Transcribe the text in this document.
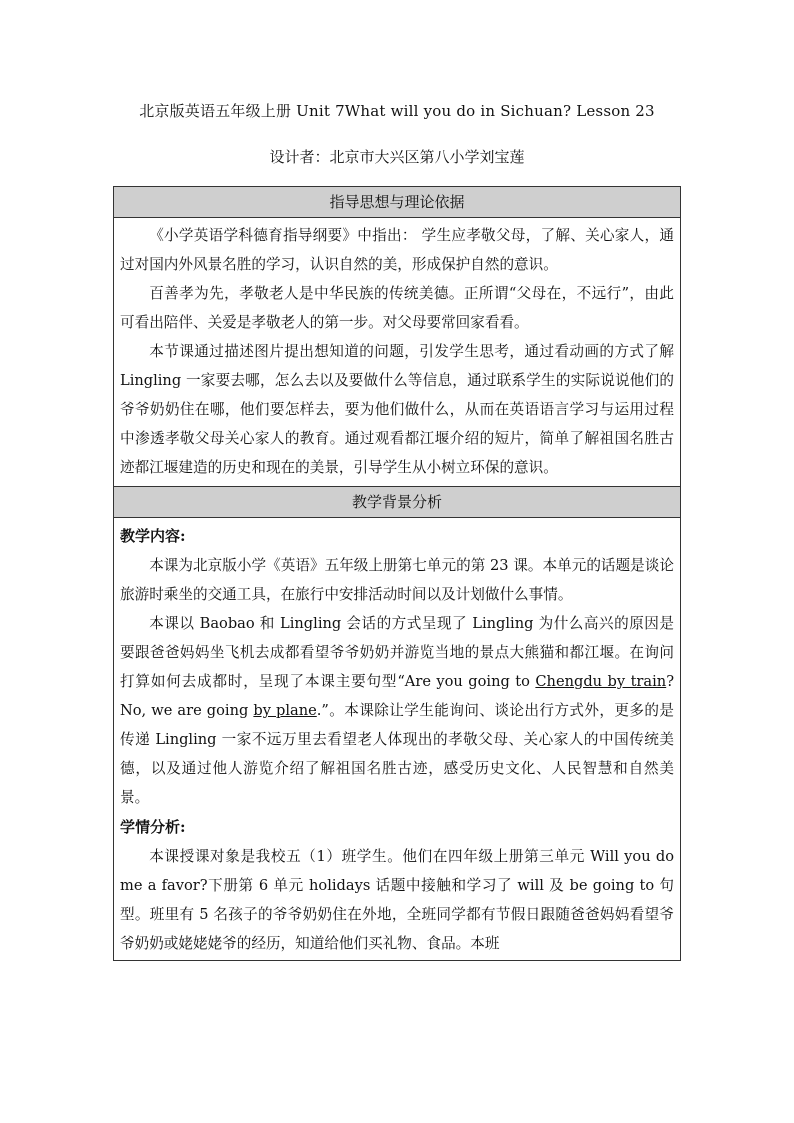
北京版英语五年级上册 Unit 7What will you do in Sichuan? Lesson 23
设计者：北京市大兴区第八小学刘宝莲
指导思想与理论依据

《小学英语学科德育指导纲要》中指出： 学生应孝敬父母，了解、关心家人，通过对国内外风景名胜的学习，认识自然的美，形成保护自然的意识。

百善孝为先，孝敬老人是中华民族的传统美德。正所谓“父母在，不远行”，由此可看出陪伴、关爱是孝敬老人的第一步。对父母要常回家看看。

本节课通过描述图片提出想知道的问题，引发学生思考，通过看动画的方式了解 Lingling 一家要去哪，怎么去以及要做什么等信息，通过联系学生的实际说说他们的爷爷奶奶住在哪，他们要怎样去，要为他们做什么，从而在英语语言学习与运用过程中渗透孝敬父母关心家人的教育。通过观看都江堰介绍的短片，简单了解祖国名胜古迹都江堰建造的历史和现在的美景，引导学生从小树立环保的意识。

教学背景分析

教学内容:

本课为北京版小学《英语》五年级上册第七单元的第 23 课。本单元的话题是谈论旅游时乘坐的交通工具，在旅行中安排活动时间以及计划做什么事情。

本课以 Baobao 和 Lingling 会话的方式呈现了 Lingling 为什么高兴的原因是要跟爸爸妈妈坐飞机去成都看望爷爷奶奶并游览当地的景点大熊猫和都江堰。在询问打算如何去成都时，呈现了本课主要句型“Are you going to Chengdu by train? No, we are going by plane.”。本课除让学生能询问、谈论出行方式外，更多的是传递 Lingling 一家不远万里去看望老人体现出的孝敬父母、关心家人的中国传统美德，以及通过他人游览介绍了解祖国名胜古迹，感受历史文化、人民智慧和自然美景。

学情分析:

本课授课对象是我校五（1）班学生。他们在四年级上册第三单元 Will you do me a favor?下册第 6 单元 holidays 话题中接触和学习了 will 及 be going to 句型。班里有 5 名孩子的爷爷奶奶住在外地，全班同学都有节假日跟随爸爸妈妈看望爷爷奶奶或姥姥姥爷的经历，知道给他们买礼物、食品。本班
